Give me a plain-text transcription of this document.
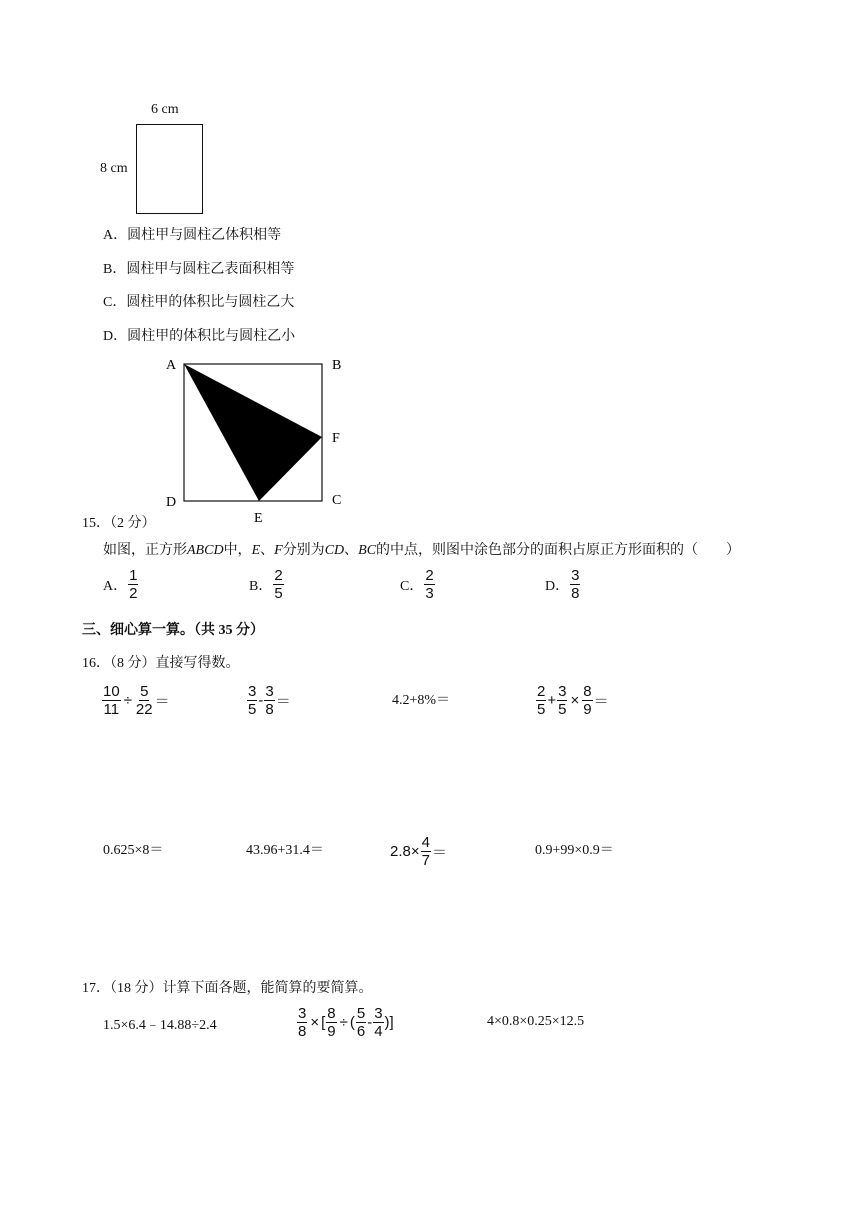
6 cm
8 cm
A． 圆柱甲与圆柱乙体积相等
B． 圆柱甲与圆柱乙表面积相等
C． 圆柱甲的体积比与圆柱乙大
D． 圆柱甲的体积比与圆柱乙小
A	B
C
D
E
F
15．（2 分）
如图，正方形ABCD中，E、F分别为CD、BC的中点，则图中涂色部分的面积占原正方形面积的（　　）
A． $\frac{1}{2}$	B． $\frac{2}{5}$	C． $\frac{2}{3}$	D． $\frac{3}{8}$
三、细心算一算。（共 35 分）
16．（8 分）直接写得数。
$\frac{10}{11} \div \frac{5}{22}$ ＝	$\frac{3}{5} - \frac{3}{8}$ ＝	4.2+8%＝	$\frac{2}{5} + \frac{3}{5} \times \frac{8}{9}$ ＝
0.625×8＝	43.96+31.4＝	$2.8\times \frac{4}{7}$ ＝	0.9+99×0.9＝
17．（18 分）计算下面各题，能简算的要简算。
1.5×6.4﹣14.88÷2.4	$\frac{3}{8}$ × [ $\frac{8}{9}$ ÷ ( $\frac{5}{6} - \frac{3}{4}$ ) ]	4×0.8×0.25×12.5
